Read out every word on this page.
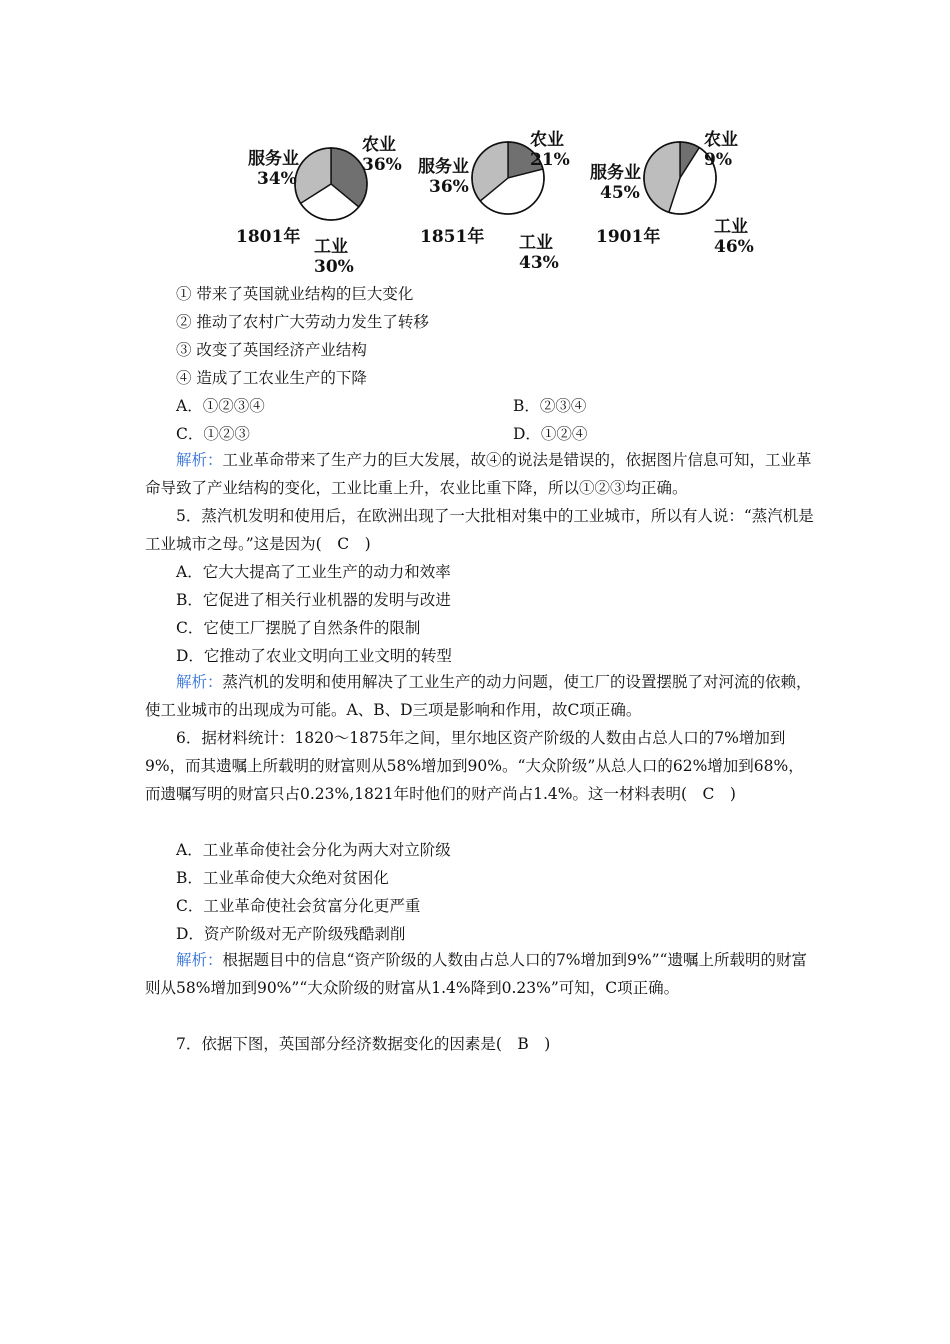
服务业
34%
农业
36%
1801年 工业
30%
服务业
36%
农业
21%
1851年 工业
43%
服务业
45%
农业
9%
1901年	工业
46%
① 带来了英国就业结构的巨大变化
② 推动了农村广大劳动力发生了转移
③ 改变了英国经济产业结构
④ 造成了工农业生产的下降
A．①②③④	B．②③④
C．①②③	D．①②④
解析：工业革命带来了生产力的巨大发展，故④的说法是错误的，依据图片信息可知，工业革命导致了产业结构的变化，工业比重上升，农业比重下降，所以①②③均正确。
5．蒸汽机发明和使用后，在欧洲出现了一大批相对集中的工业城市，所以有人说：“蒸汽机是工业城市之母。”这是因为(　C　)
A．它大大提高了工业生产的动力和效率
B．它促进了相关行业机器的发明与改进
C．它使工厂摆脱了自然条件的限制
D．它推动了农业文明向工业文明的转型
解析：蒸汽机的发明和使用解决了工业生产的动力问题，使工厂的设置摆脱了对河流的依赖，使工业城市的出现成为可能。A、B、D三项是影响和作用，故C项正确。
6．据材料统计：1820～1875年之间，里尔地区资产阶级的人数由占总人口的7%增加到9%，而其遗嘱上所载明的财富则从58%增加到90%。“大众阶级”从总人口的62%增加到68%，而遗嘱写明的财富只占0.23%,1821年时他们的财产尚占1.4%。这一材料表明(　C　)
A．工业革命使社会分化为两大对立阶级
B．工业革命使大众绝对贫困化
C．工业革命使社会贫富分化更严重
D．资产阶级对无产阶级残酷剥削
解析：根据题目中的信息“资产阶级的人数由占总人口的7%增加到9%”“遗嘱上所载明的财富则从58%增加到90%”“大众阶级的财富从1.4%降到0.23%”可知，C项正确。
7．依据下图，英国部分经济数据变化的因素是(　B　)
